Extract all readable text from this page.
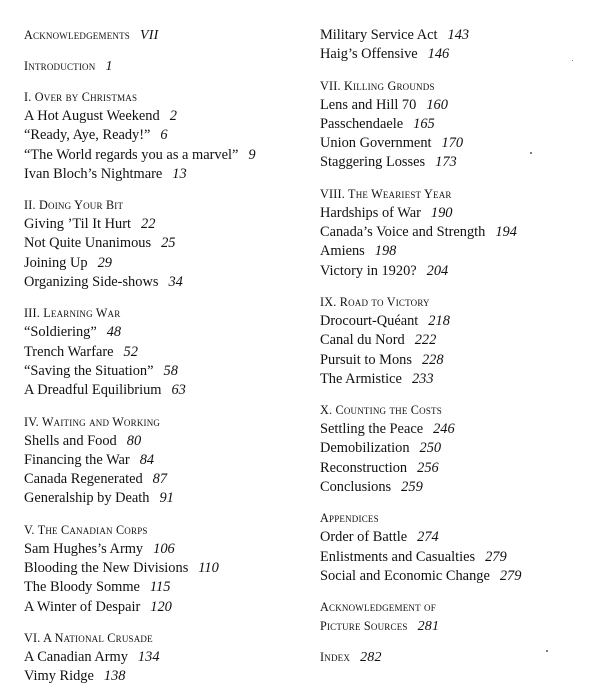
Acknowledgements VII
Introduction 1
I. Over by Christmas
A Hot August Weekend 2
“Ready, Aye, Ready!” 6
“The World regards you as a marvel” 9
Ivan Bloch’s Nightmare 13
II. Doing Your Bit
Giving ’Til It Hurt 22
Not Quite Unanimous 25
Joining Up 29
Organizing Side-shows 34
III. Learning War
“Soldiering” 48
Trench Warfare 52
“Saving the Situation” 58
A Dreadful Equilibrium 63
IV. Waiting and Working
Shells and Food 80
Financing the War 84
Canada Regenerated 87
Generalship by Death 91
V. The Canadian Corps
Sam Hughes’s Army 106
Blooding the New Divisions 110
The Bloody Somme 115
A Winter of Despair 120
VI. A National Crusade
A Canadian Army 134
Vimy Ridge 138
Military Service Act 143
Haig’s Offensive 146
VII. Killing Grounds
Lens and Hill 70 160
Passchendaele 165
Union Government 170
Staggering Losses 173
VIII. The Weariest Year
Hardships of War 190
Canada’s Voice and Strength 194
Amiens 198
Victory in 1920? 204
IX. Road to Victory
Drocourt-Quéant 218
Canal du Nord 222
Pursuit to Mons 228
The Armistice 233
X. Counting the Costs
Settling the Peace 246
Demobilization 250
Reconstruction 256
Conclusions 259
Appendices
Order of Battle 274
Enlistments and Casualties 279
Social and Economic Change 279
Acknowledgement of
Picture Sources 281
Index 282
